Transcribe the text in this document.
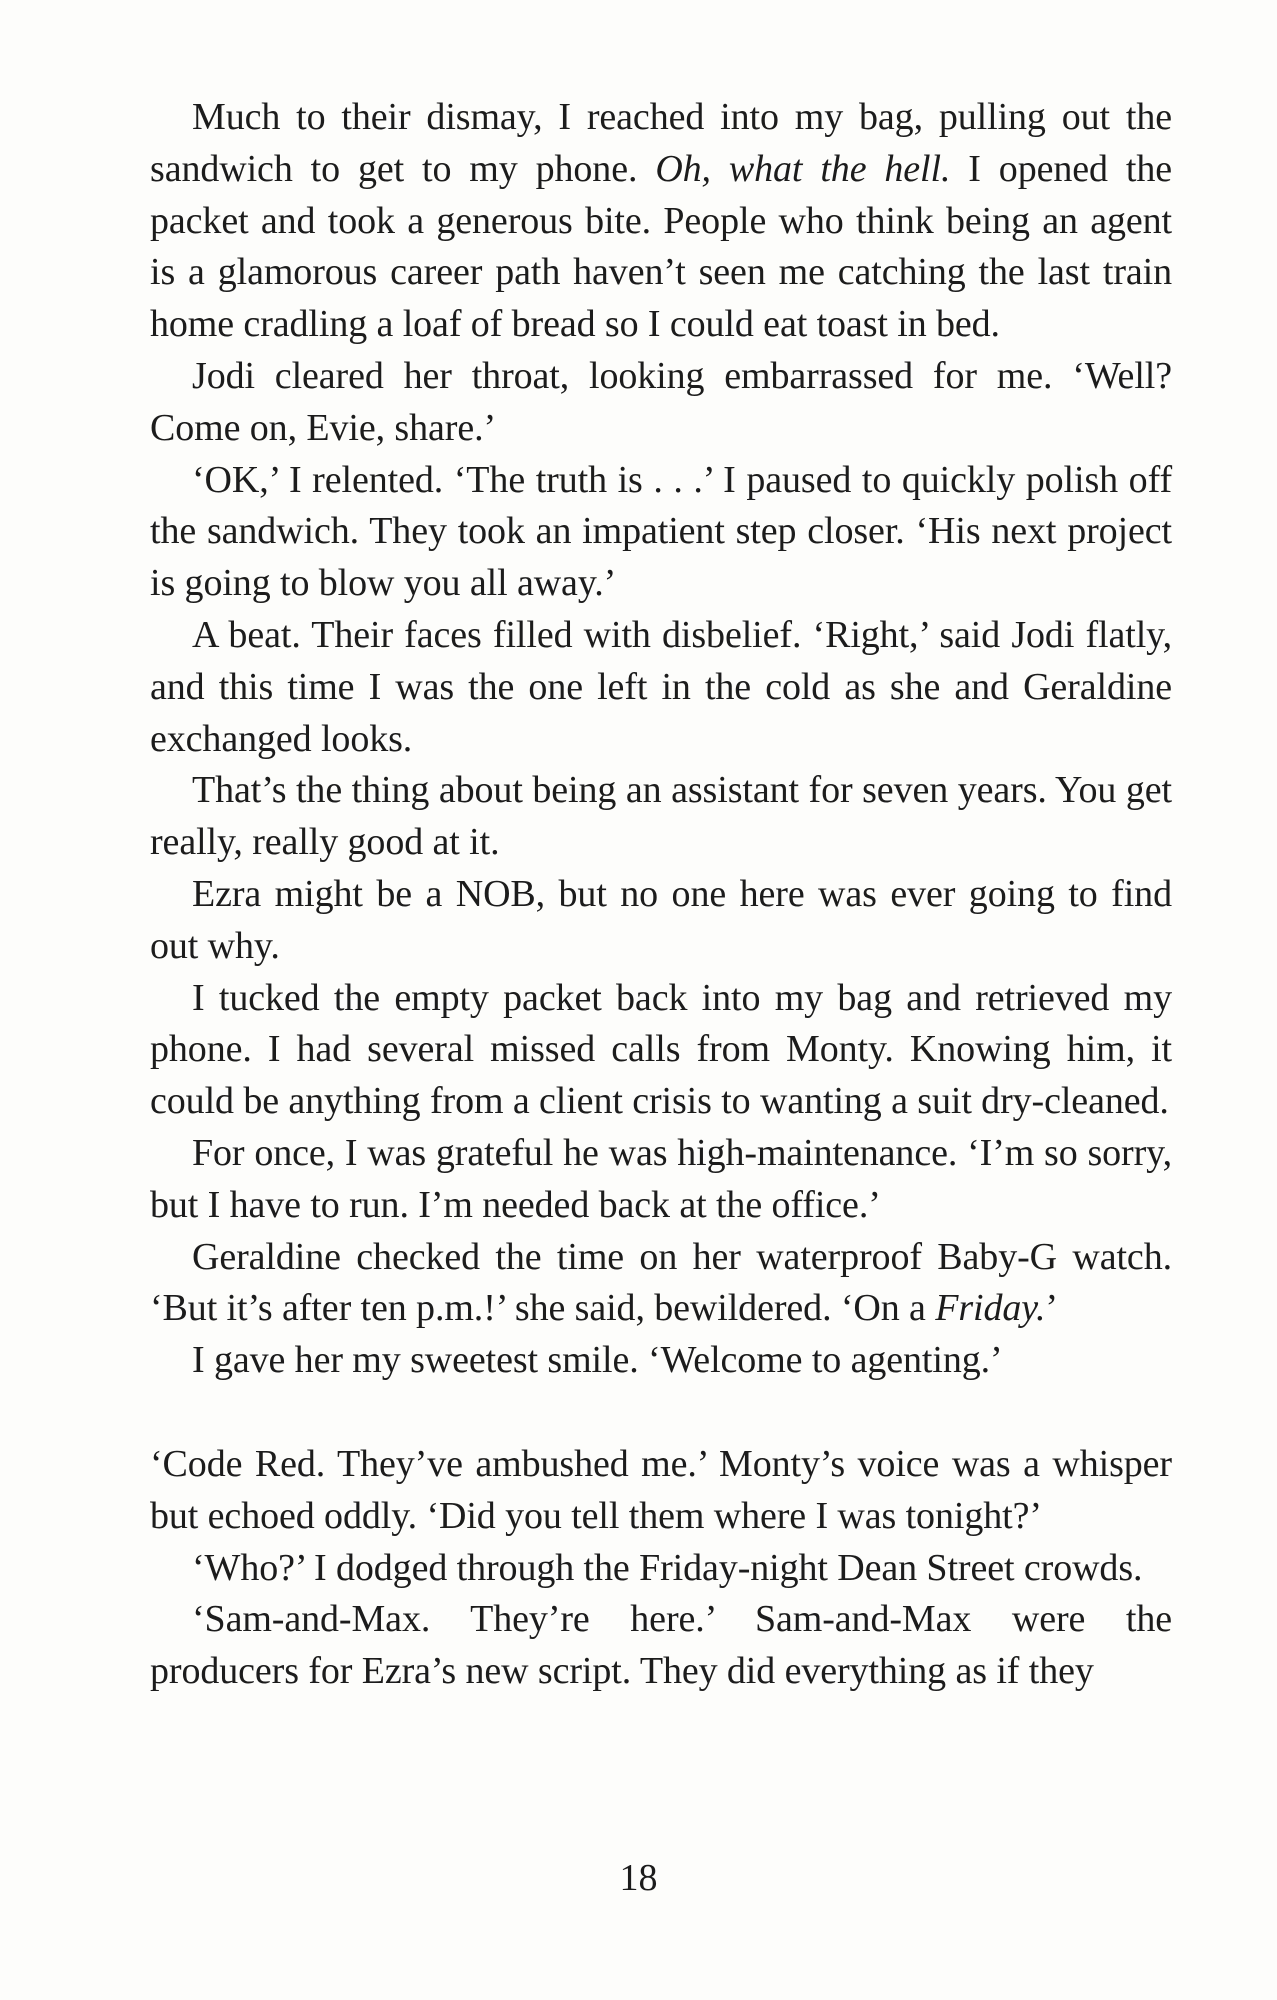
Much to their dismay, I reached into my bag, pulling out the sandwich to get to my phone. Oh, what the hell. I opened the packet and took a generous bite. People who think being an agent is a glamorous career path haven’t seen me catching the last train home cradling a loaf of bread so I could eat toast in bed.

Jodi cleared her throat, looking embarrassed for me. ‘Well? Come on, Evie, share.’

‘OK,’ I relented. ‘The truth is . . .’ I paused to quickly polish off the sandwich. They took an impatient step closer. ‘His next project is going to blow you all away.’

A beat. Their faces filled with disbelief. ‘Right,’ said Jodi flatly, and this time I was the one left in the cold as she and Geraldine exchanged looks.

That’s the thing about being an assistant for seven years. You get really, really good at it.

Ezra might be a NOB, but no one here was ever going to find out why.

I tucked the empty packet back into my bag and retrieved my phone. I had several missed calls from Monty. Knowing him, it could be anything from a client crisis to wanting a suit dry-cleaned.

For once, I was grateful he was high-maintenance. ‘I’m so sorry, but I have to run. I’m needed back at the office.’

Geraldine checked the time on her waterproof Baby-G watch. ‘But it’s after ten p.m.!’ she said, bewildered. ‘On a Friday.’

I gave her my sweetest smile. ‘Welcome to agenting.’

‘Code Red. They’ve ambushed me.’ Monty’s voice was a whisper but echoed oddly. ‘Did you tell them where I was tonight?’

‘Who?’ I dodged through the Friday-night Dean Street crowds.

‘Sam-and-Max. They’re here.’ Sam-and-Max were the producers for Ezra’s new script. They did everything as if they

18
